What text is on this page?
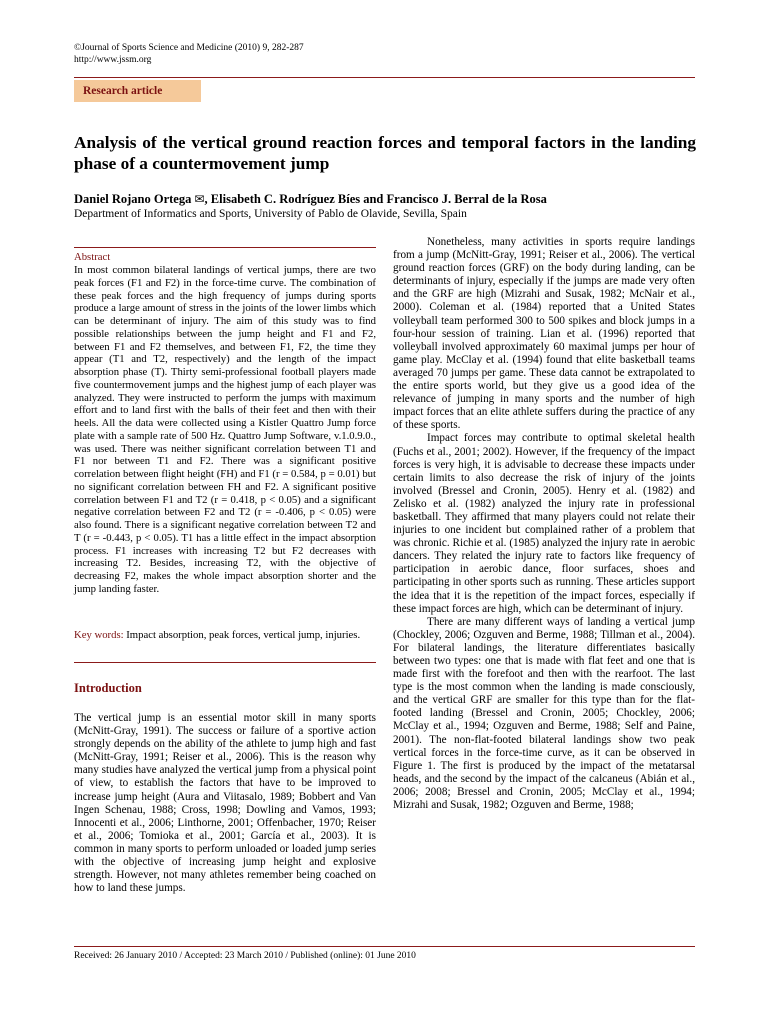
©Journal of Sports Science and Medicine (2010) 9, 282-287
http://www.jssm.org
Research article
Analysis of the vertical ground reaction forces and temporal factors in the landing phase of a countermovement jump
Daniel Rojano Ortega ✉, Elisabeth C. Rodríguez Bíes and Francisco J. Berral de la Rosa
Department of Informatics and Sports, University of Pablo de Olavide, Sevilla, Spain
Abstract

In most common bilateral landings of vertical jumps, there are two peak forces (F1 and F2) in the force-time curve. The combination of these peak forces and the high frequency of jumps during sports produce a large amount of stress in the joints of the lower limbs which can be determinant of injury. The aim of this study was to find possible relationships between the jump height and F1 and F2, between F1 and F2 themselves, and between F1, F2, the time they appear (T1 and T2, respectively) and the length of the impact absorption phase (T). Thirty semi-professional football players made five countermovement jumps and the highest jump of each player was analyzed. They were instructed to perform the jumps with maximum effort and to land first with the balls of their feet and then with their heels. All the data were collected using a Kistler Quattro Jump force plate with a sample rate of 500 Hz. Quattro Jump Software, v.1.0.9.0., was used. There was neither significant correlation between T1 and F1 nor between T1 and F2. There was a significant positive correlation between flight height (FH) and F1 (r = 0.584, p = 0.01) but no significant correlation between FH and F2. A significant positive correlation between F1 and T2 (r = 0.418, p < 0.05) and a significant negative correlation between F2 and T2 (r = -0.406, p < 0.05) were also found. There is a significant negative correlation between T2 and T (r = -0.443, p < 0.05). T1 has a little effect in the impact absorption process. F1 increases with increasing T2 but F2 decreases with increasing T2. Besides, increasing T2, with the objective of decreasing F2, makes the whole impact absorption shorter and the jump landing faster.

Key words: Impact absorption, peak forces, vertical jump, injuries.
Introduction
The vertical jump is an essential motor skill in many sports (McNitt-Gray, 1991). The success or failure of a sportive action strongly depends on the ability of the athlete to jump high and fast (McNitt-Gray, 1991; Reiser et al., 2006). This is the reason why many studies have analyzed the vertical jump from a physical point of view, to establish the factors that have to be improved to increase jump height (Aura and Viitasalo, 1989; Bobbert and Van Ingen Schenau, 1988; Cross, 1998; Dowling and Vamos, 1993; Innocenti et al., 2006; Linthorne, 2001; Offenbacher, 1970; Reiser et al., 2006; Tomioka et al., 2001; García et al., 2003). It is common in many sports to perform unloaded or loaded jump series with the objective of increasing jump height and explosive strength. However, not many athletes remember being coached on how to land these jumps.

Nonetheless, many activities in sports require landings from a jump (McNitt-Gray, 1991; Reiser et al., 2006). The vertical ground reaction forces (GRF) on the body during landing, can be determinants of injury, especially if the jumps are made very often and the GRF are high (Mizrahi and Susak, 1982; McNair et al., 2000). Coleman et al. (1984) reported that a United States volleyball team performed 300 to 500 spikes and block jumps in a four-hour session of training. Lian et al. (1996) reported that volleyball involved approximately 60 maximal jumps per hour of game play. McClay et al. (1994) found that elite basketball teams averaged 70 jumps per game. These data cannot be extrapolated to the entire sports world, but they give us a good idea of the relevance of jumping in many sports and the number of high impact forces that an elite athlete suffers during the practice of any of these sports.

Impact forces may contribute to optimal skeletal health (Fuchs et al., 2001; 2002). However, if the frequency of the impact forces is very high, it is advisable to decrease these impacts under certain limits to also decrease the risk of injury of the joints involved (Bressel and Cronin, 2005). Henry et al. (1982) and Zelisko et al. (1982) analyzed the injury rate in professional basketball. They affirmed that many players could not relate their injuries to one incident but complained rather of a problem that was chronic. Richie et al. (1985) analyzed the injury rate in aerobic dancers. They related the injury rate to factors like frequency of participation in aerobic dance, floor surfaces, shoes and participating in other sports such as running. These articles support the idea that it is the repetition of the impact forces, especially if these impact forces are high, which can be determinant of injury.

There are many different ways of landing a vertical jump (Chockley, 2006; Ozguven and Berme, 1988; Tillman et al., 2004). For bilateral landings, the literature differentiates basically between two types: one that is made with flat feet and one that is made first with the forefoot and then with the rearfoot. The last type is the most common when the landing is made consciously, and the vertical GRF are smaller for this type than for the flat-footed landing (Bressel and Cronin, 2005; Chockley, 2006; McClay et al., 1994; Ozguven and Berme, 1988; Self and Paine, 2001). The non-flat-footed bilateral landings show two peak vertical forces in the force-time curve, as it can be observed in Figure 1. The first is produced by the impact of the metatarsal heads, and the second by the impact of the calcaneus (Abián et al., 2006; 2008; Bressel and Cronin, 2005; McClay et al., 1994; Mizrahi and Susak, 1982; Ozguven and Berme, 1988;

Received: 26 January 2010 / Accepted: 23 March 2010 / Published (online): 01 June 2010
